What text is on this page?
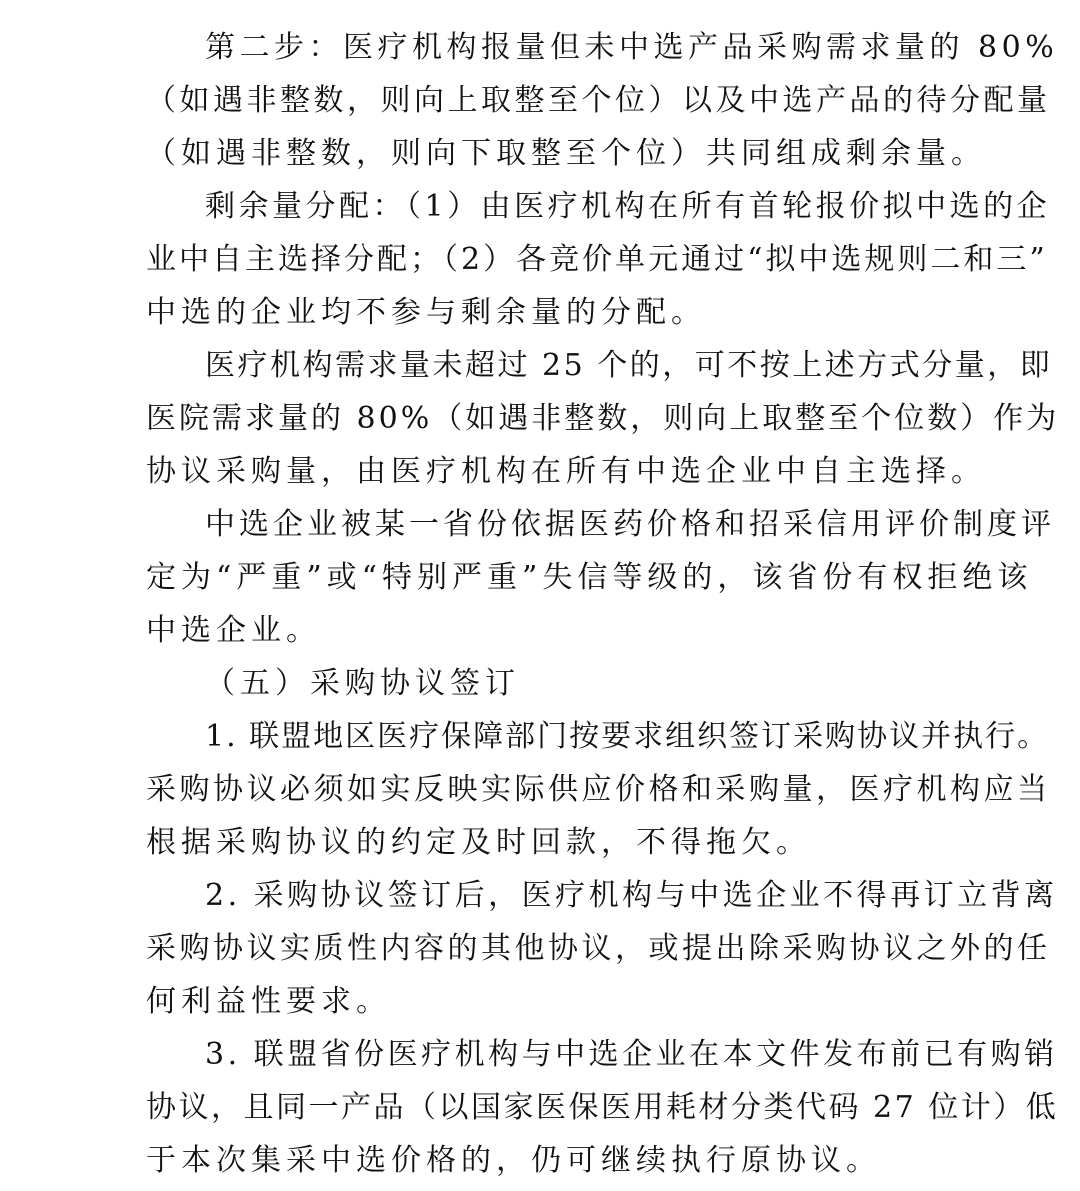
第二步：医疗机构报量但未中选产品采购需求量的 80%
（如遇非整数，则向上取整至个位）以及中选产品的待分配量
（如遇非整数，则向下取整至个位）共同组成剩余量。
剩余量分配：（1）由医疗机构在所有首轮报价拟中选的企
业中自主选择分配；（2）各竞价单元通过“拟中选规则二和三”
中选的企业均不参与剩余量的分配。
医疗机构需求量未超过 25 个的，可不按上述方式分量，即
医院需求量的 80%（如遇非整数，则向上取整至个位数）作为
协议采购量，由医疗机构在所有中选企业中自主选择。
中选企业被某一省份依据医药价格和招采信用评价制度评
定为“严重”或“特别严重”失信等级的，该省份有权拒绝该
中选企业。
（五）采购协议签订
1. 联盟地区医疗保障部门按要求组织签订采购协议并执行。
采购协议必须如实反映实际供应价格和采购量，医疗机构应当
根据采购协议的约定及时回款，不得拖欠。
2. 采购协议签订后，医疗机构与中选企业不得再订立背离
采购协议实质性内容的其他协议，或提出除采购协议之外的任
何利益性要求。
3. 联盟省份医疗机构与中选企业在本文件发布前已有购销
协议，且同一产品（以国家医保医用耗材分类代码 27 位计）低
于本次集采中选价格的，仍可继续执行原协议。
